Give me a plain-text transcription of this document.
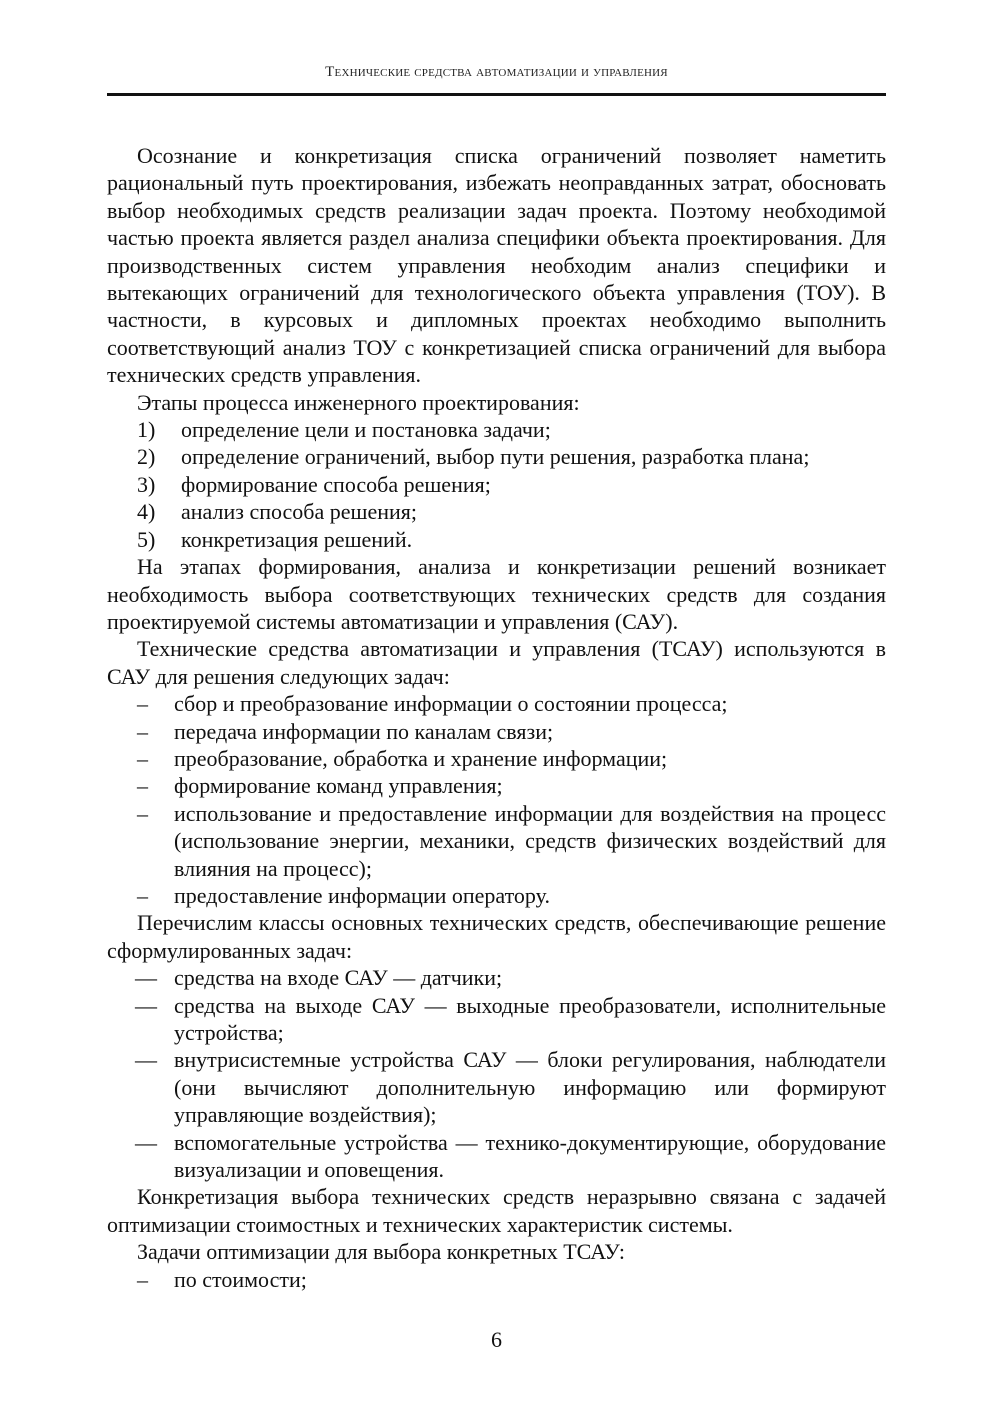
Технические средства автоматизации и управления

Осознание и конкретизация списка ограничений позволяет наметить рациональный путь проектирования, избежать неоправданных затрат, обосновать выбор необходимых средств реализации задач проекта. Поэтому необходимой частью проекта является раздел анализа специфики объекта проектирования. Для производственных систем управления необходим анализ специфики и вытекающих ограничений для технологического объекта управления (ТОУ). В частности, в курсовых и дипломных проектах необходимо выполнить соответствующий анализ ТОУ с конкретизацией списка ограничений для выбора технических средств управления.

Этапы процесса инженерного проектирования:

1) определение цели и постановка задачи;
2) определение ограничений, выбор пути решения, разработка плана;
3) формирование способа решения;
4) анализ способа решения;
5) конкретизация решений.

На этапах формирования, анализа и конкретизации решений возникает необходимость выбора соответствующих технических средств для создания проектируемой системы автоматизации и управления (САУ).

Технические средства автоматизации и управления (ТСАУ) используются в САУ для решения следующих задач:

– сбор и преобразование информации о состоянии процесса;
– передача информации по каналам связи;
– преобразование, обработка и хранение информации;
– формирование команд управления;
– использование и предоставление информации для воздействия на процесс (использование энергии, механики, средств физических воздействий для влияния на процесс);
– предоставление информации оператору.

Перечислим классы основных технических средств, обеспечивающие решение сформулированных задач:

— средства на входе САУ — датчики;
— средства на выходе САУ — выходные преобразователи, исполнительные устройства;
— внутрисистемные устройства САУ — блоки регулирования, наблюдатели (они вычисляют дополнительную информацию или формируют управляющие воздействия);
— вспомогательные устройства — технико-документирующие, оборудование визуализации и оповещения.

Конкретизация выбора технических средств неразрывно связана с задачей оптимизации стоимостных и технических характеристик системы.

Задачи оптимизации для выбора конкретных ТСАУ:

– по стоимости;
6
